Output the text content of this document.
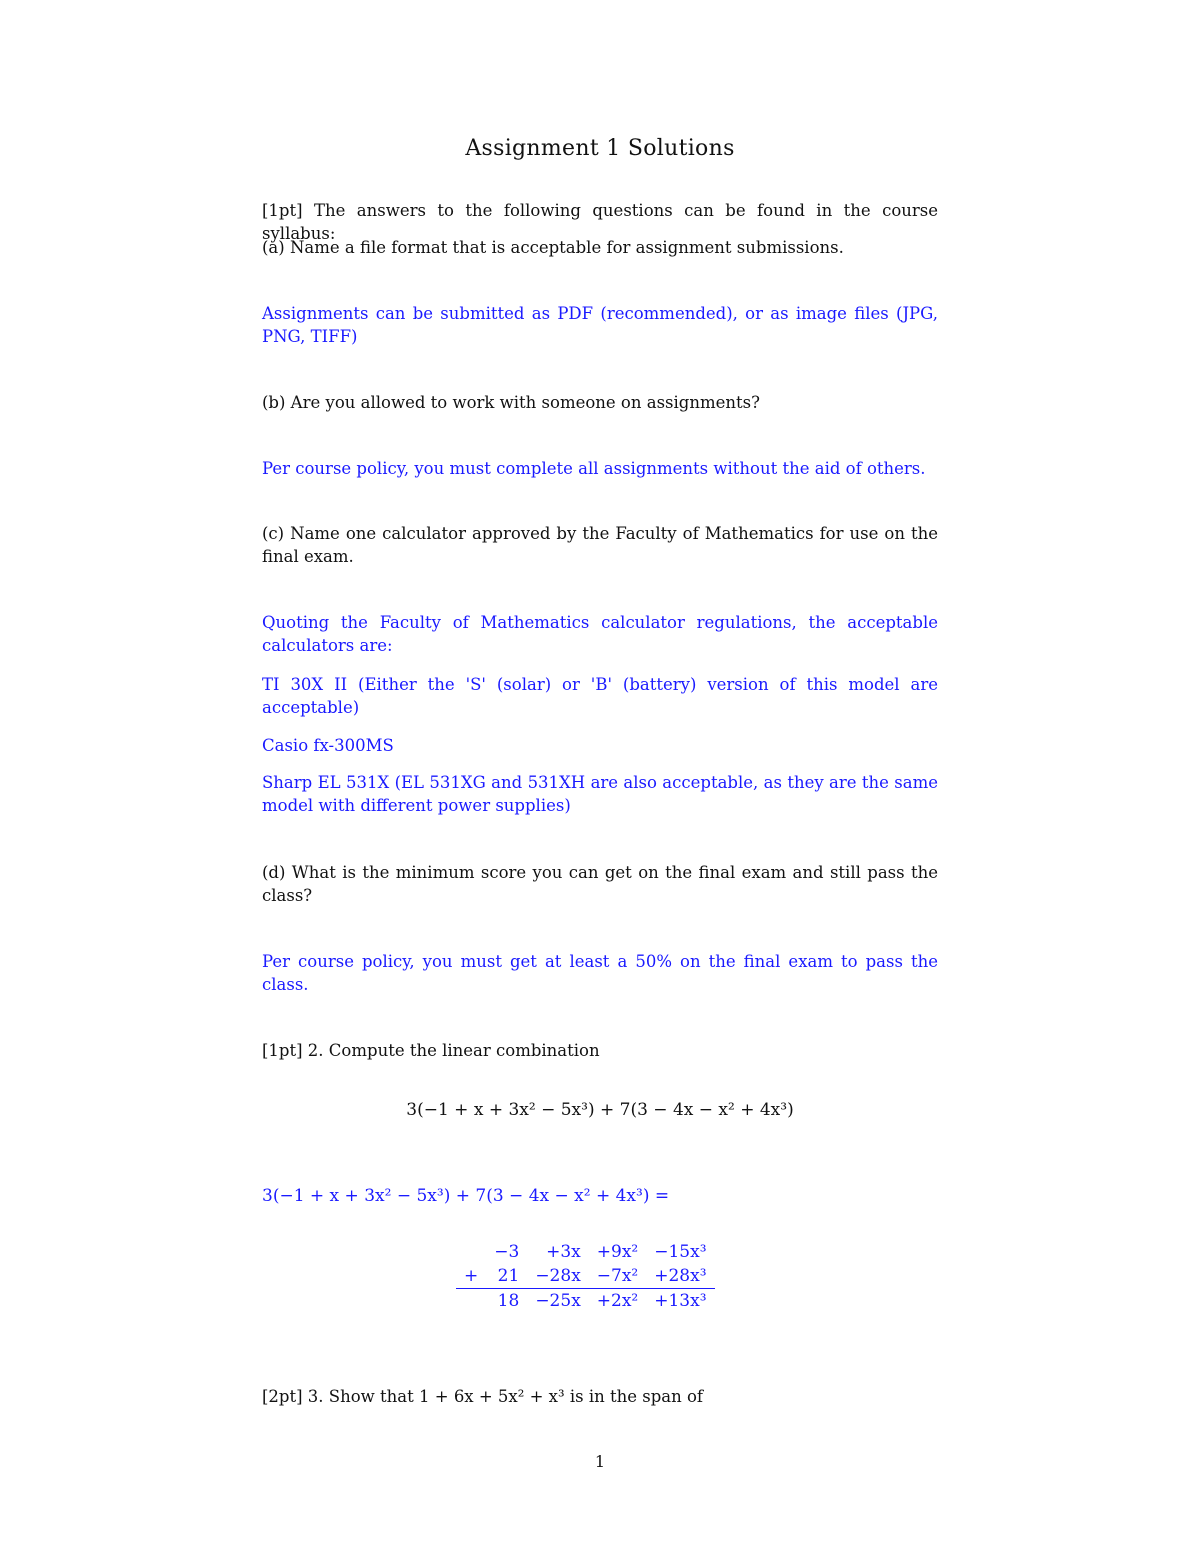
Assignment 1 Solutions
[1pt] The answers to the following questions can be found in the course syllabus:
(a) Name a file format that is acceptable for assignment submissions.
Assignments can be submitted as PDF (recommended), or as image files (JPG, PNG, TIFF)
(b) Are you allowed to work with someone on assignments?
Per course policy, you must complete all assignments without the aid of others.
(c) Name one calculator approved by the Faculty of Mathematics for use on the final exam.
Quoting the Faculty of Mathematics calculator regulations, the acceptable calculators are:
TI 30X II (Either the 'S' (solar) or 'B' (battery) version of this model are acceptable)
Casio fx-300MS
Sharp EL 531X (EL 531XG and 531XH are also acceptable, as they are the same model with different power supplies)
(d) What is the minimum score you can get on the final exam and still pass the class?
Per course policy, you must get at least a 50% on the final exam to pass the class.
[1pt] 2. Compute the linear combination
3(−1 + x + 3x² − 5x³) + 7(3 − 4x − x² + 4x³)
3(−1 + x + 3x² − 5x³) + 7(3 − 4x − x² + 4x³) =
	−3	+3x	+9x²	−15x³
+	21	−28x	−7x²	+28x³
	18	−25x	+2x²	+13x³
[2pt] 3. Show that 1 + 6x + 5x² + x³ is in the span of
1
